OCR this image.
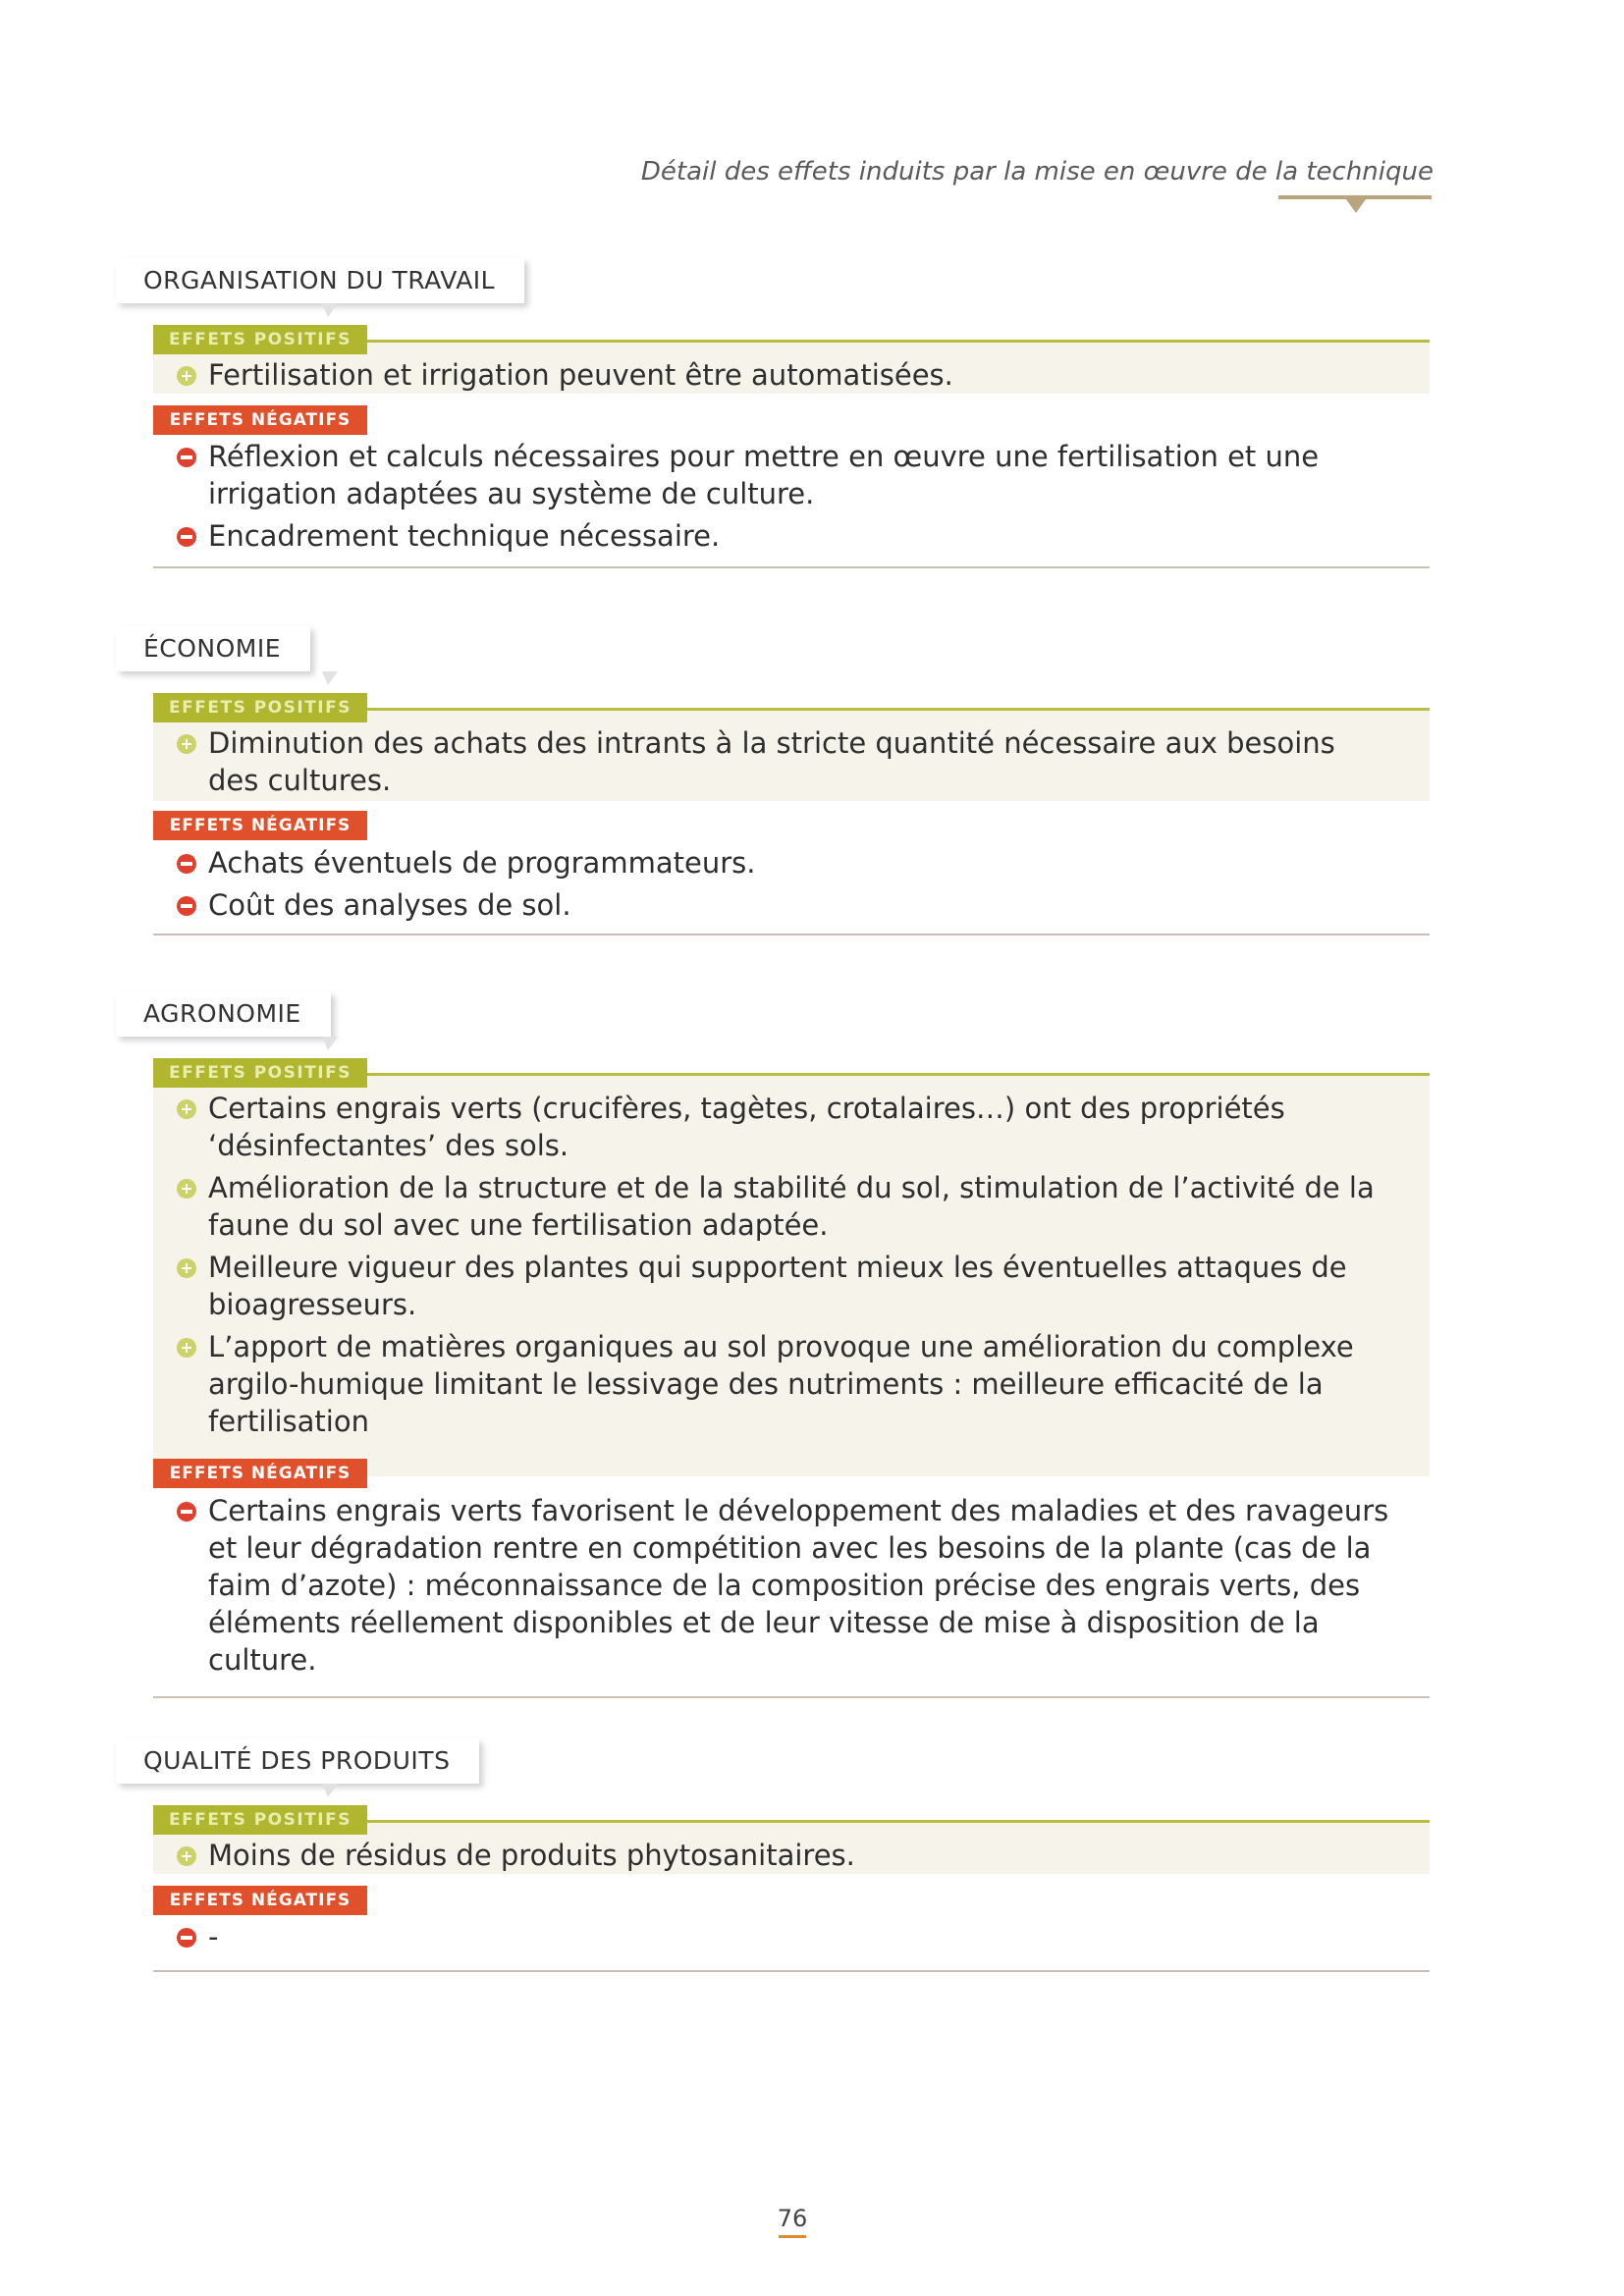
Détail des effets induits par la mise en œuvre de la technique
ORGANISATION DU TRAVAIL
EFFETS POSITIFS
Fertilisation et irrigation peuvent être automatisées.
EFFETS NÉGATIFS
Réflexion et calculs nécessaires pour mettre en œuvre une fertilisation et une irrigation adaptées au système de culture.
Encadrement technique nécessaire.
ÉCONOMIE
EFFETS POSITIFS
Diminution des achats des intrants à la stricte quantité nécessaire aux besoins des cultures.
EFFETS NÉGATIFS
Achats éventuels de programmateurs.
Coût des analyses de sol.
AGRONOMIE
EFFETS POSITIFS
Certains engrais verts (crucifères, tagètes, crotalaires…) ont des propriétés ‘désinfectantes’ des sols.
Amélioration de la structure et de la stabilité du sol, stimulation de l’activité de la faune du sol avec une fertilisation adaptée.
Meilleure vigueur des plantes qui supportent mieux les éventuelles attaques de bioagresseurs.
L’apport de matières organiques au sol provoque une amélioration du complexe argilo-humique limitant le lessivage des nutriments : meilleure efficacité de la fertilisation
EFFETS NÉGATIFS
Certains engrais verts favorisent le développement des maladies et des ravageurs et leur dégradation rentre en compétition avec les besoins de la plante (cas de la faim d’azote) : méconnaissance de la composition précise des engrais verts, des éléments réellement disponibles et de leur vitesse de mise à disposition de la culture.
QUALITÉ DES PRODUITS
EFFETS POSITIFS
Moins de résidus de produits phytosanitaires.
EFFETS NÉGATIFS
-
76
